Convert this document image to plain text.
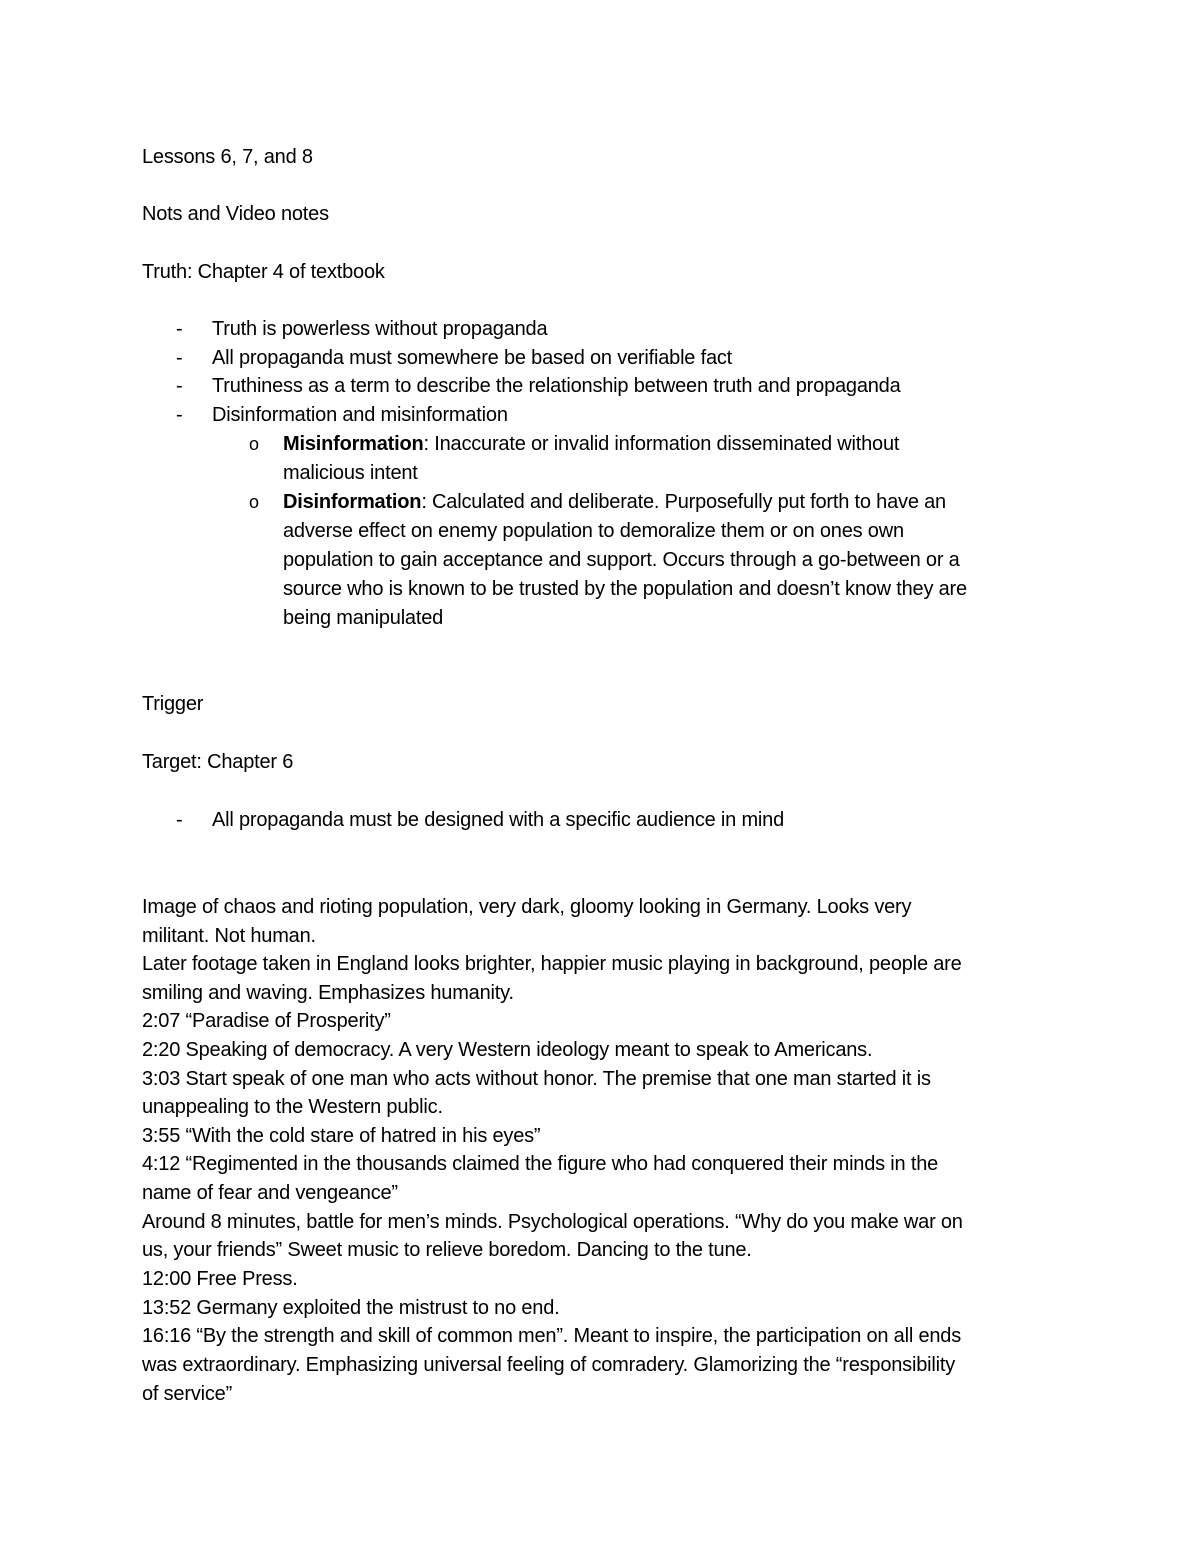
Lessons 6, 7, and 8
Nots and Video notes
Truth: Chapter 4 of textbook
- Truth is powerless without propaganda
- All propaganda must somewhere be based on verifiable fact
- Truthiness as a term to describe the relationship between truth and propaganda
- Disinformation and misinformation
o Misinformation: Inaccurate or invalid information disseminated without
malicious intent
o Disinformation: Calculated and deliberate. Purposefully put forth to have an
adverse effect on enemy population to demoralize them or on ones own
population to gain acceptance and support. Occurs through a go-between or a
source who is known to be trusted by the population and doesn’t know they are
being manipulated
Trigger
Target: Chapter 6
- All propaganda must be designed with a specific audience in mind
Image of chaos and rioting population, very dark, gloomy looking in Germany. Looks very
militant. Not human.
Later footage taken in England looks brighter, happier music playing in background, people are
smiling and waving. Emphasizes humanity.
2:07 “Paradise of Prosperity”
2:20 Speaking of democracy. A very Western ideology meant to speak to Americans.
3:03 Start speak of one man who acts without honor. The premise that one man started it is
unappealing to the Western public.
3:55 “With the cold stare of hatred in his eyes”
4:12 “Regimented in the thousands claimed the figure who had conquered their minds in the
name of fear and vengeance”
Around 8 minutes, battle for men’s minds. Psychological operations. “Why do you make war on
us, your friends” Sweet music to relieve boredom. Dancing to the tune.
12:00 Free Press.
13:52 Germany exploited the mistrust to no end.
16:16 “By the strength and skill of common men”. Meant to inspire, the participation on all ends
was extraordinary. Emphasizing universal feeling of comradery. Glamorizing the “responsibility
of service”
